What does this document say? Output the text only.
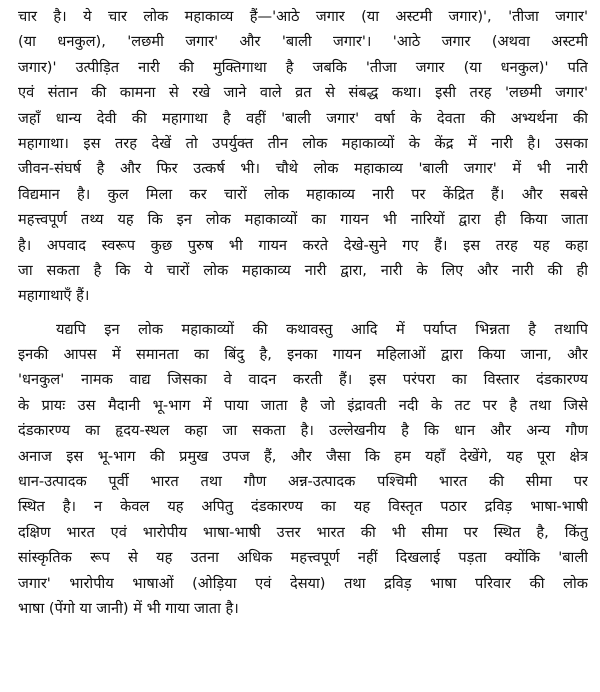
चार है। ये चार लोक महाकाव्य हैं—'आठे जगार (या अस्टमी जगार)', 'तीजा जगार'
(या धनकुल), 'लछमी जगार' और 'बाली जगार'। 'आठे जगार (अथवा अस्टमी
जगार)' उत्पीड़ित नारी की मुक्तिगाथा है जबकि 'तीजा जगार (या धनकुल)' पति
एवं संतान की कामना से रखे जाने वाले व्रत से संबद्ध कथा। इसी तरह 'लछमी जगार'
जहाँ धान्य देवी की महागाथा है वहीं 'बाली जगार' वर्षा के देवता की अभ्यर्थना की
महागाथा। इस तरह देखें तो उपर्युक्त तीन लोक महाकाव्यों के केंद्र में नारी है। उसका
जीवन-संघर्ष है और फिर उत्कर्ष भी। चौथे लोक महाकाव्य 'बाली जगार' में भी नारी
विद्यमान है। कुल मिला कर चारों लोक महाकाव्य नारी पर केंद्रित हैं। और सबसे
महत्त्वपूर्ण तथ्य यह कि इन लोक महाकाव्यों का गायन भी नारियों द्वारा ही किया जाता
है। अपवाद स्वरूप कुछ पुरुष भी गायन करते देखे-सुने गए हैं। इस तरह यह कहा
जा सकता है कि ये चारों लोक महाकाव्य नारी द्वारा, नारी के लिए और नारी की ही
महागाथाएँ हैं।
यद्यपि इन लोक महाकाव्यों की कथावस्तु आदि में पर्याप्त भिन्नता है तथापि
इनकी आपस में समानता का बिंदु है, इनका गायन महिलाओं द्वारा किया जाना, और
'धनकुल' नामक वाद्य जिसका वे वादन करती हैं। इस परंपरा का विस्तार दंडकारण्य
के प्रायः उस मैदानी भू-भाग में पाया जाता है जो इंद्रावती नदी के तट पर है तथा जिसे
दंडकारण्य का हृदय-स्थल कहा जा सकता है। उल्लेखनीय है कि धान और अन्य गौण
अनाज इस भू-भाग की प्रमुख उपज हैं, और जैसा कि हम यहाँ देखेंगे, यह पूरा क्षेत्र
धान-उत्पादक पूर्वी भारत तथा गौण अन्न-उत्पादक पश्चिमी भारत की सीमा पर
स्थित है। न केवल यह अपितु दंडकारण्य का यह विस्तृत पठार द्रविड़ भाषा-भाषी
दक्षिण भारत एवं भारोपीय भाषा-भाषी उत्तर भारत की भी सीमा पर स्थित है, किंतु
सांस्कृतिक रूप से यह उतना अधिक महत्त्वपूर्ण नहीं दिखलाई पड़ता क्योंकि 'बाली
जगार' भारोपीय भाषाओं (ओड़िया एवं देसया) तथा द्रविड़ भाषा परिवार की लोक
भाषा (पेंगो या जानी) में भी गाया जाता है।
